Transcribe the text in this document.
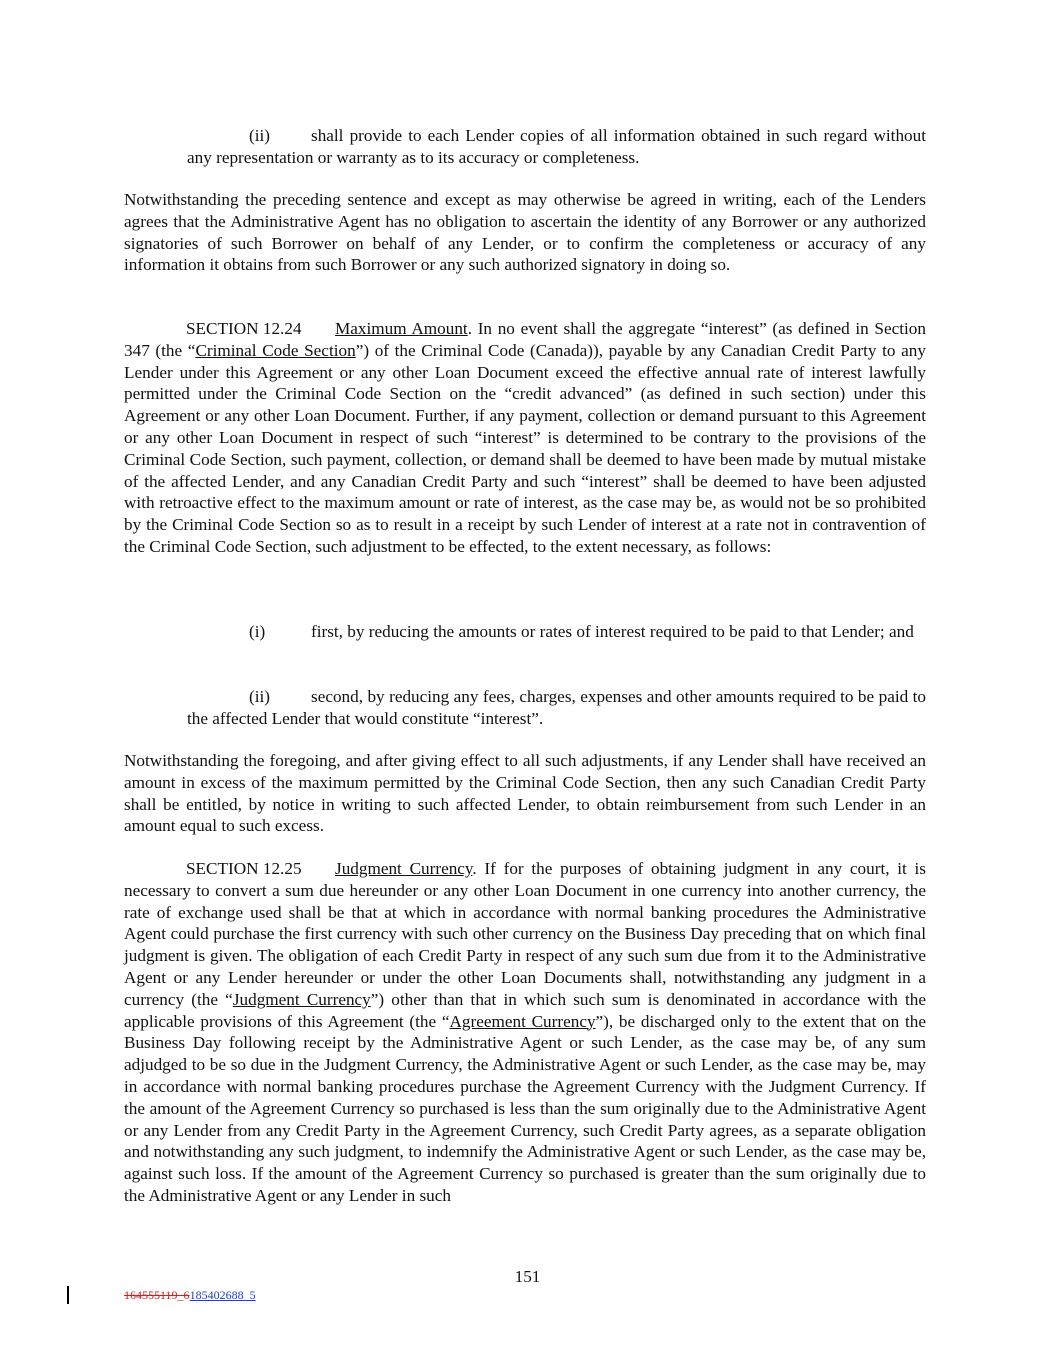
(ii) shall provide to each Lender copies of all information obtained in such regard without any representation or warranty as to its accuracy or completeness.

Notwithstanding the preceding sentence and except as may otherwise be agreed in writing, each of the Lenders agrees that the Administrative Agent has no obligation to ascertain the identity of any Borrower or any authorized signatories of such Borrower on behalf of any Lender, or to confirm the completeness or accuracy of any information it obtains from such Borrower or any such authorized signatory in doing so.

SECTION 12.24 Maximum Amount. In no event shall the aggregate “interest” (as defined in Section 347 (the “Criminal Code Section”) of the Criminal Code (Canada)), payable by any Canadian Credit Party to any Lender under this Agreement or any other Loan Document exceed the effective annual rate of interest lawfully permitted under the Criminal Code Section on the “credit advanced” (as defined in such section) under this Agreement or any other Loan Document. Further, if any payment, collection or demand pursuant to this Agreement or any other Loan Document in respect of such “interest” is determined to be contrary to the provisions of the Criminal Code Section, such payment, collection, or demand shall be deemed to have been made by mutual mistake of the affected Lender, and any Canadian Credit Party and such “interest” shall be deemed to have been adjusted with retroactive effect to the maximum amount or rate of interest, as the case may be, as would not be so prohibited by the Criminal Code Section so as to result in a receipt by such Lender of interest at a rate not in contravention of the Criminal Code Section, such adjustment to be effected, to the extent necessary, as follows:

(i)	first, by reducing the amounts or rates of interest required to be paid to that Lender; and

(ii) second, by reducing any fees, charges, expenses and other amounts required to be paid to the affected Lender that would constitute “interest”.

Notwithstanding the foregoing, and after giving effect to all such adjustments, if any Lender shall have received an amount in excess of the maximum permitted by the Criminal Code Section, then any such Canadian Credit Party shall be entitled, by notice in writing to such affected Lender, to obtain reimbursement from such Lender in an amount equal to such excess.

SECTION 12.25 Judgment Currency. If for the purposes of obtaining judgment in any court, it is necessary to convert a sum due hereunder or any other Loan Document in one currency into another currency, the rate of exchange used shall be that at which in accordance with normal banking procedures the Administrative Agent could purchase the first currency with such other currency on the Business Day preceding that on which final judgment is given. The obligation of each Credit Party in respect of any such sum due from it to the Administrative Agent or any Lender hereunder or under the other Loan Documents shall, notwithstanding any judgment in a currency (the “Judgment Currency”) other than that in which such sum is denominated in accordance with the applicable provisions of this Agreement (the “Agreement Currency”), be discharged only to the extent that on the Business Day following receipt by the Administrative Agent or such Lender, as the case may be, of any sum adjudged to be so due in the Judgment Currency, the Administrative Agent or such Lender, as the case may be, may in accordance with normal banking procedures purchase the Agreement Currency with the Judgment Currency. If the amount of the Agreement Currency so purchased is less than the sum originally due to the Administrative Agent or any Lender from any Credit Party in the Agreement Currency, such Credit Party agrees, as a separate obligation and notwithstanding any such judgment, to indemnify the Administrative Agent or such Lender, as the case may be, against such loss. If the amount of the Agreement Currency so purchased is greater than the sum originally due to the Administrative Agent or any Lender in such

151
164555119_6185402688_5
